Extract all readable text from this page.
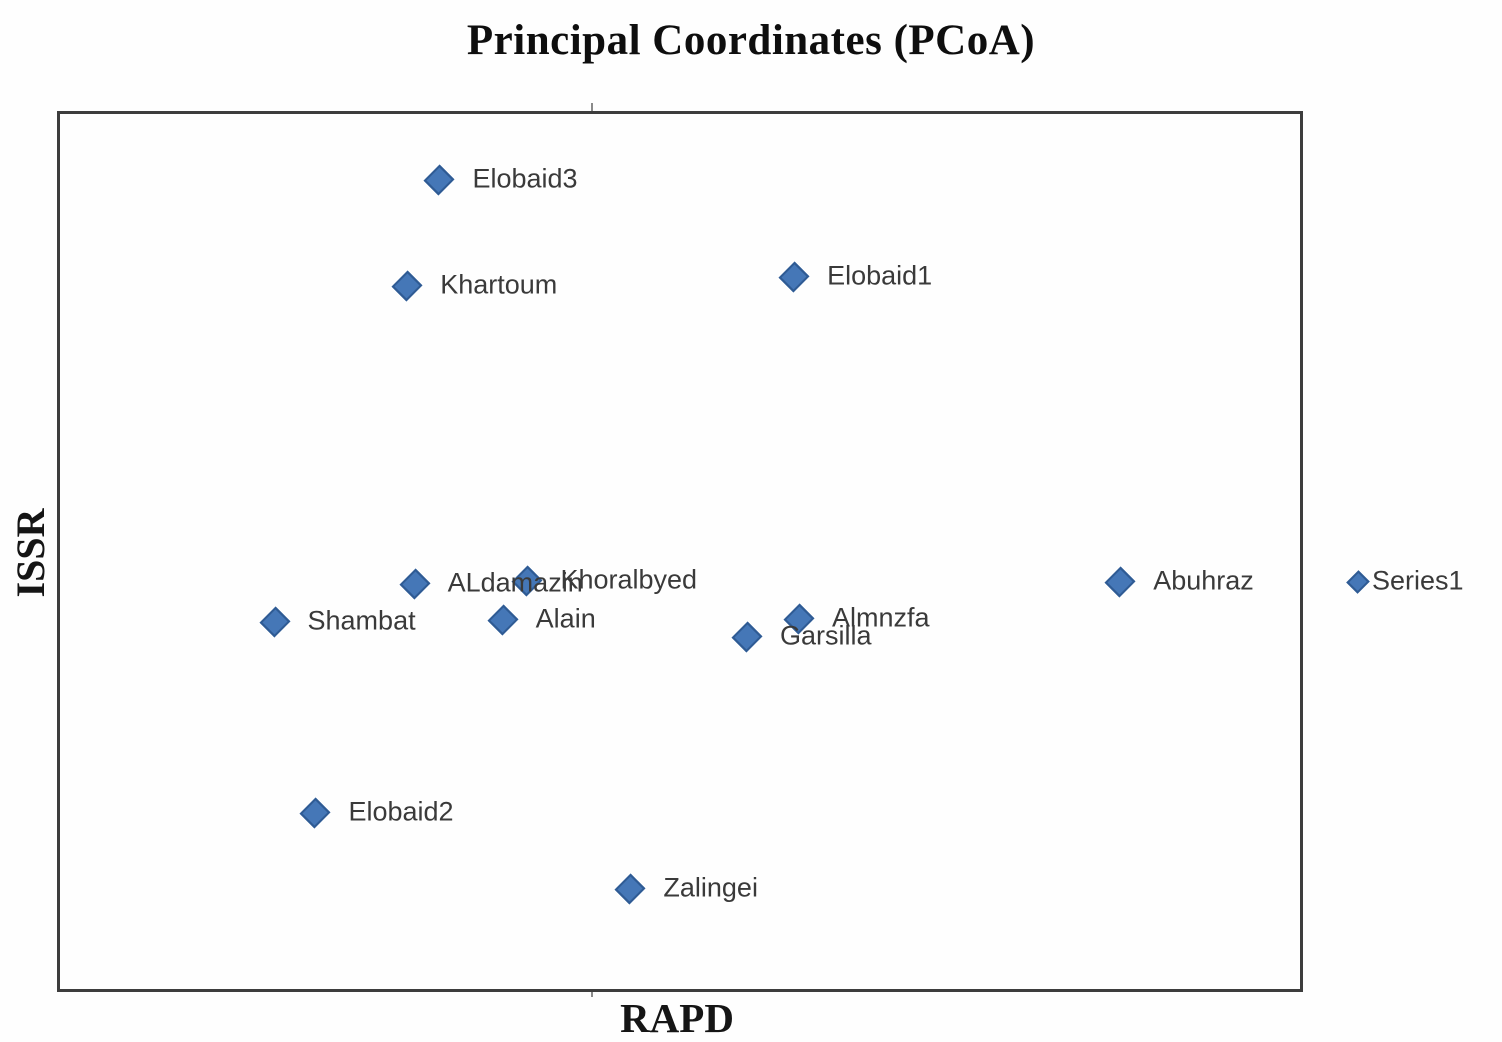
Principal Coordinates (PCoA)
Elobaid3
Khartoum	Elobaid1
ALdamazin
Khoralbyed
Shambat	Alain
Garsilla
Almnzfa
Abuhraz
Elobaid2
Zalingei
Series1
RAPD
ISSR
